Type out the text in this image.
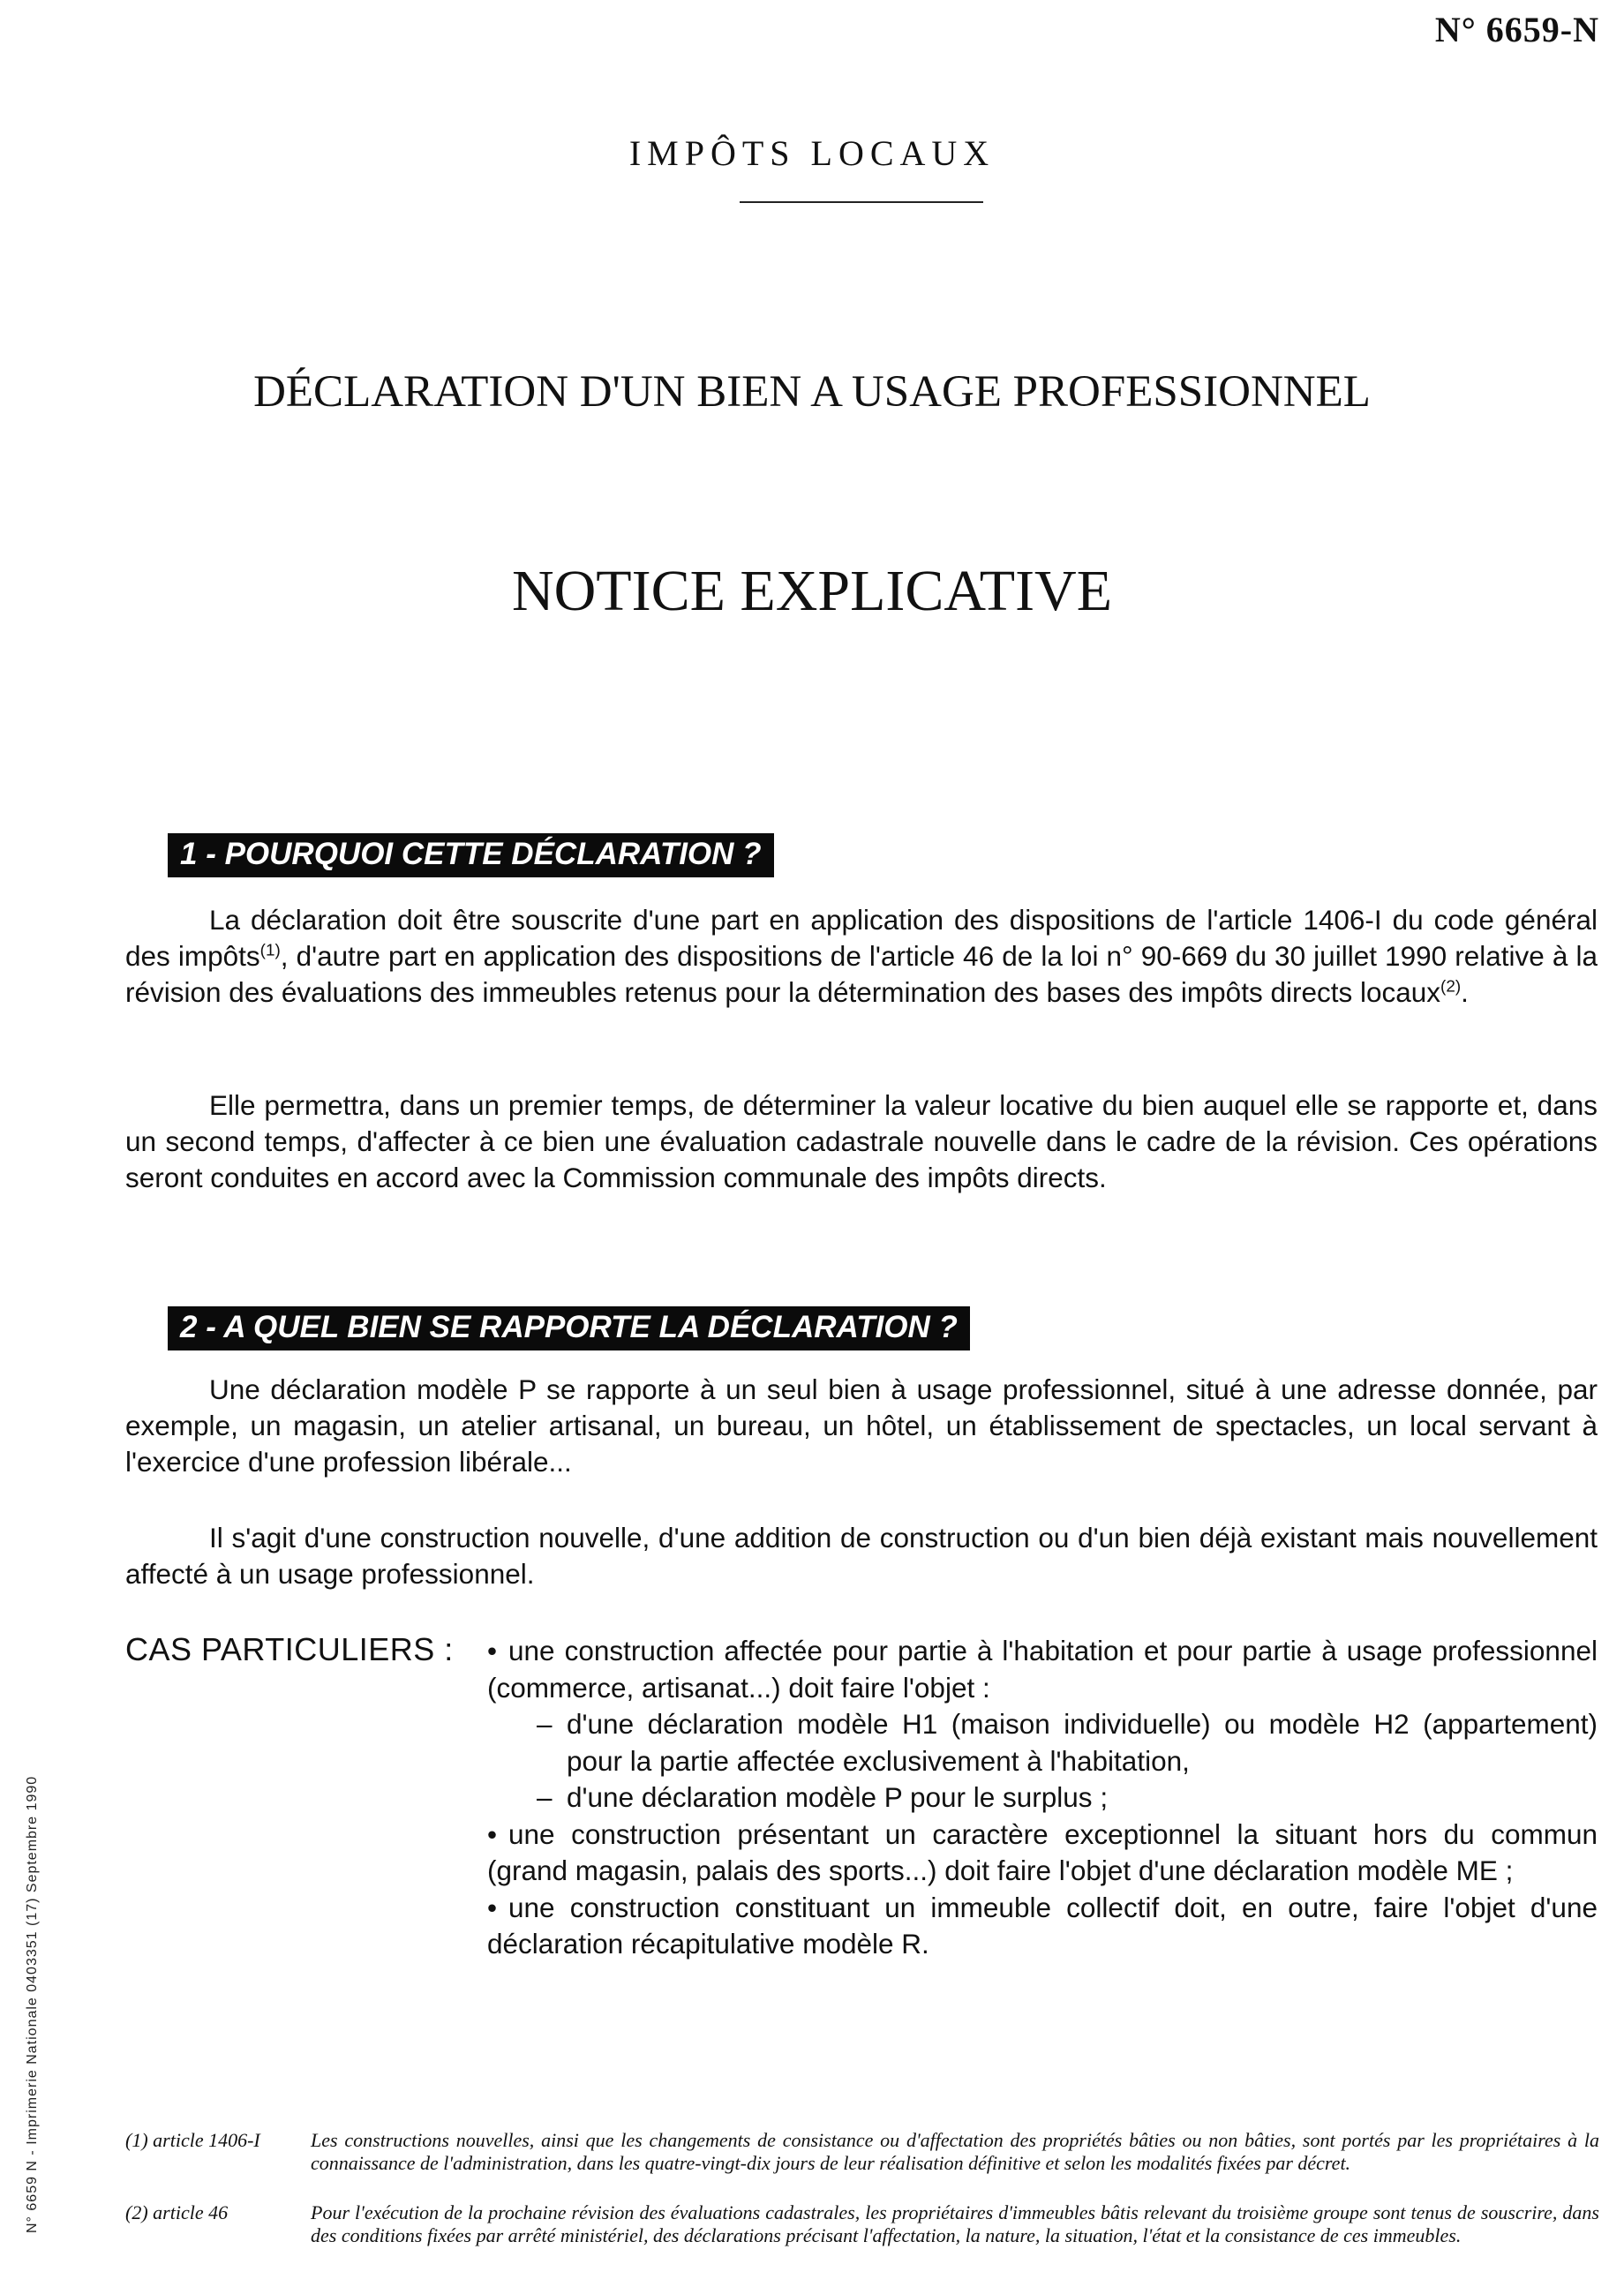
N° 6659-N
IMPÔTS LOCAUX
DÉCLARATION D'UN BIEN A USAGE PROFESSIONNEL
NOTICE EXPLICATIVE
1 - POURQUOI CETTE DÉCLARATION ?

La déclaration doit être souscrite d'une part en application des dispositions de l'article 1406-I du code général des impôts$^{(1)}$, d'autre part en application des dispositions de l'article 46 de la loi n° 90-669 du 30 juillet 1990 relative à la révision des évaluations des immeubles retenus pour la détermination des bases des impôts directs locaux$^{(2)}$.

Elle permettra, dans un premier temps, de déterminer la valeur locative du bien auquel elle se rapporte et, dans un second temps, d'affecter à ce bien une évaluation cadastrale nouvelle dans le cadre de la révision. Ces opérations seront conduites en accord avec la Commission communale des impôts directs.

2 - A QUEL BIEN SE RAPPORTE LA DÉCLARATION ?

Une déclaration modèle P se rapporte à un seul bien à usage professionnel, situé à une adresse donnée, par exemple, un magasin, un atelier artisanal, un bureau, un hôtel, un établissement de spectacles, un local servant à l'exercice d'une profession libérale...

Il s'agit d'une construction nouvelle, d'une addition de construction ou d'un bien déjà existant mais nouvellement affecté à un usage professionnel.

CAS PARTICULIERS : • une construction affectée pour partie à l'habitation et pour partie à usage professionnel (commerce, artisanat...) doit faire l'objet :
– d'une déclaration modèle H1 (maison individuelle) ou modèle H2 (appartement) pour la partie affectée exclusivement à l'habitation,
– d'une déclaration modèle P pour le surplus ;
• une construction présentant un caractère exceptionnel la situant hors du commun (grand magasin, palais des sports...) doit faire l'objet d'une déclaration modèle ME ;
• une construction constituant un immeuble collectif doit, en outre, faire l'objet d'une déclaration récapitulative modèle R.
(1) article 1406-I	Les constructions nouvelles, ainsi que les changements de consistance ou d'affectation des propriétés bâties ou non bâties, sont portés par les propriétaires à la connaissance de l'administration, dans les quatre-vingt-dix jours de leur réalisation définitive et selon les modalités fixées par décret.
(2) article 46	Pour l'exécution de la prochaine révision des évaluations cadastrales, les propriétaires d'immeubles bâtis relevant du troisième groupe sont tenus de souscrire, dans des conditions fixées par arrêté ministériel, des déclarations précisant l'affectation, la nature, la situation, l'état et la consistance de ces immeubles.
N° 6659 N - Imprimerie Nationale 0403351 (17) Septembre 1990
